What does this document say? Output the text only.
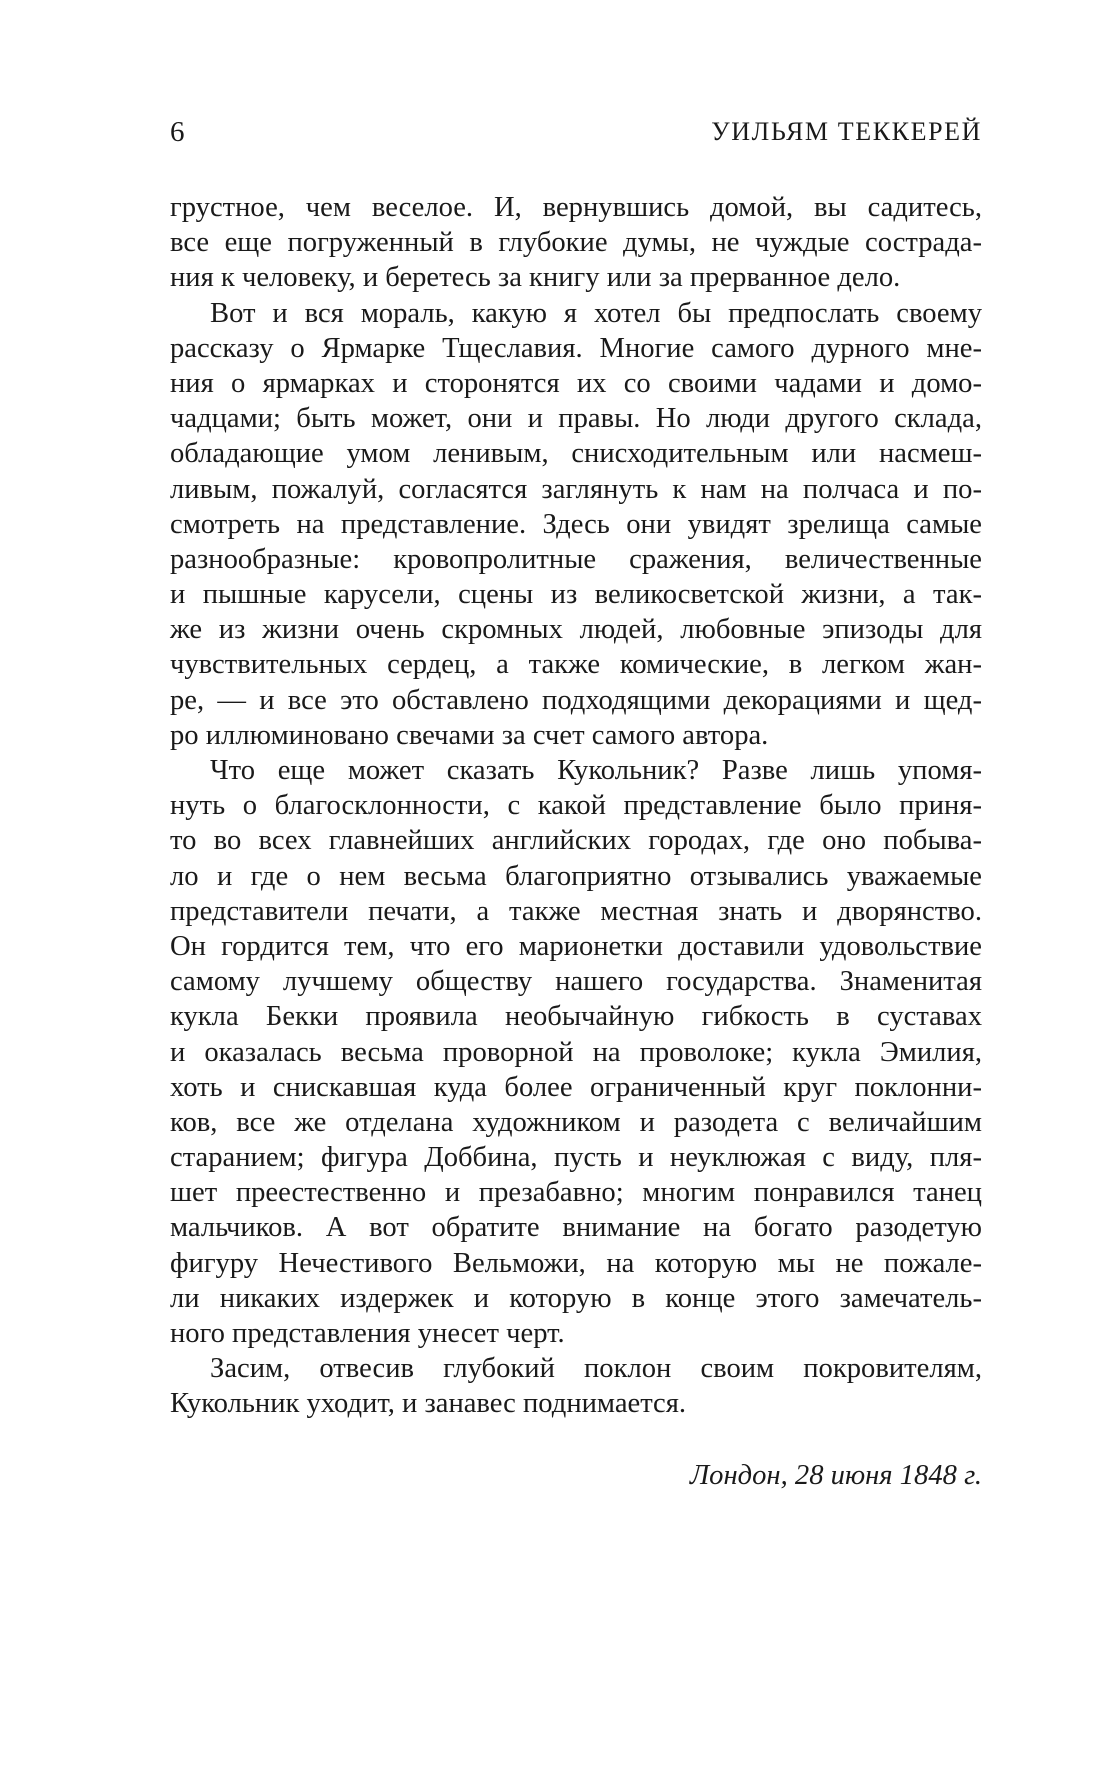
6	УИЛЬЯМ ТЕККЕРЕЙ
грустное, чем веселое. И, вернувшись домой, вы садитесь,
все еще погруженный в глубокие думы, не чуждые сострада-
ния к человеку, и беретесь за книгу или за прерванное дело.
Вот и вся мораль, какую я хотел бы предпослать своему
рассказу о Ярмарке Тщеславия. Многие самого дурного мне-
ния о ярмарках и сторонятся их со своими чадами и домо-
чадцами; быть может, они и правы. Но люди другого склада,
обладающие умом ленивым, снисходительным или насмеш-
ливым, пожалуй, согласятся заглянуть к нам на полчаса и по-
смотреть на представление. Здесь они увидят зрелища самые
разнообразные: кровопролитные сражения, величественные
и пышные карусели, сцены из великосветской жизни, а так-
же из жизни очень скромных людей, любовные эпизоды для
чувствительных сердец, а также комические, в легком жан-
ре, — и все это обставлено подходящими декорациями и щед-
ро иллюминовано свечами за счет самого автора.
Что еще может сказать Кукольник? Разве лишь упомя-
нуть о благосклонности, с какой представление было приня-
то во всех главнейших английских городах, где оно побыва-
ло и где о нем весьма благоприятно отзывались уважаемые
представители печати, а также местная знать и дворянство.
Он гордится тем, что его марионетки доставили удовольствие
самому лучшему обществу нашего государства. Знаменитая
кукла Бекки проявила необычайную гибкость в суставах
и оказалась весьма проворной на проволоке; кукла Эмилия,
хоть и снискавшая куда более ограниченный круг поклонни-
ков, все же отделана художником и разодета с величайшим
старанием; фигура Доббина, пусть и неуклюжая с виду, пля-
шет преестественно и презабавно; многим понравился танец
мальчиков. А вот обратите внимание на богато разодетую
фигуру Нечестивого Вельможи, на которую мы не пожале-
ли никаких издержек и которую в конце этого замечатель-
ного представления унесет черт.
Засим, отвесив глубокий поклон своим покровителям,
Кукольник уходит, и занавес поднимается.
Лондон, 28 июня 1848 г.
